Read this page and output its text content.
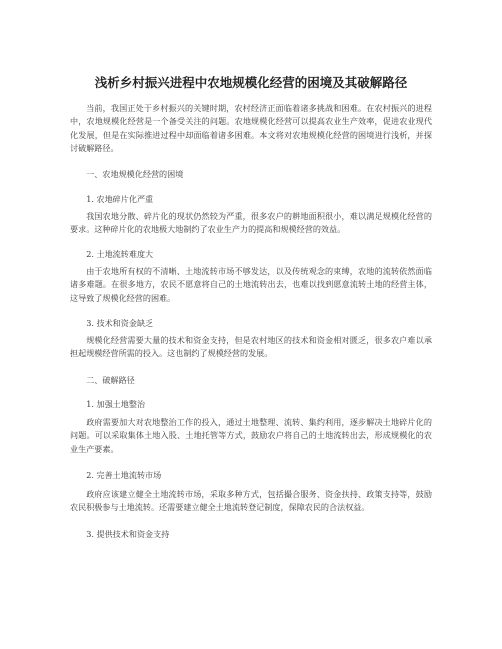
浅析乡村振兴进程中农地规模化经营的困境及其破解路径

当前，我国正处于乡村振兴的关键时期，农村经济正面临着诸多挑战和困难。在农村振兴的进程中，农地规模化经营是一个备受关注的问题。农地规模化经营可以提高农业生产效率，促进农业现代化发展，但是在实际推进过程中却面临着诸多困难。本文将对农地规模化经营的困境进行浅析，并探讨破解路径。

一、农地规模化经营的困境
1. 农地碎片化严重

我国农地分散、碎片化的现状仍然较为严重，很多农户的耕地面积很小，难以满足规模化经营的要求。这种碎片化的农地极大地制约了农业生产力的提高和规模经营的效益。

2. 土地流转难度大

由于农地所有权的不清晰、土地流转市场不够发达，以及传统观念的束缚，农地的流转依然面临诸多难题。在很多地方，农民不愿意将自己的土地流转出去，也难以找到愿意流转土地的经营主体，这导致了规模化经营的困难。

3. 技术和资金缺乏

规模化经营需要大量的技术和资金支持，但是农村地区的技术和资金相对匮乏，很多农户难以承担起规模经营所需的投入。这也制约了规模经营的发展。

二、破解路径
1. 加强土地整治

政府需要加大对农地整治工作的投入，通过土地整理、流转、集约利用，逐步解决土地碎片化的问题。可以采取集体土地入股、土地托管等方式，鼓励农户将自己的土地流转出去，形成规模化的农业生产要素。

2. 完善土地流转市场

政府应该建立健全土地流转市场，采取多种方式，包括撮合服务、资金扶持、政策支持等，鼓励农民积极参与土地流转。还需要建立健全土地流转登记制度，保障农民的合法权益。

3. 提供技术和资金支持
